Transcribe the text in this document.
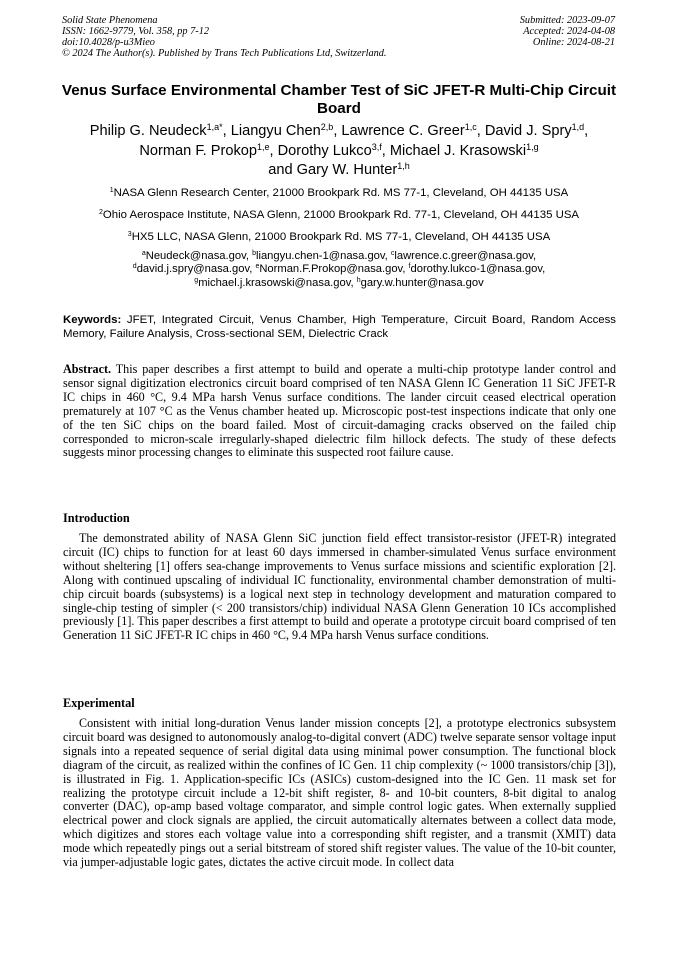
Solid State Phenomena
ISSN: 1662-9779, Vol. 358, pp 7-12
doi:10.4028/p-u3Mieo
© 2024 The Author(s). Published by Trans Tech Publications Ltd, Switzerland.
Submitted: 2023-09-07
Accepted: 2024-04-08
Online: 2024-08-21
Venus Surface Environmental Chamber Test of SiC JFET-R Multi-Chip Circuit Board
Philip G. Neudeck$^{1,a*}$, Liangyu Chen$^{2,b}$, Lawrence C. Greer$^{1,c}$, David J. Spry$^{1,d}$,
Norman F. Prokop$^{1,e}$, Dorothy Lukco$^{3,f}$, Michael J. Krasowski$^{1,g}$
and Gary W. Hunter$^{1,h}$
$^1$NASA Glenn Research Center, 21000 Brookpark Rd. MS 77-1, Cleveland, OH 44135 USA
$^2$Ohio Aerospace Institute, NASA Glenn, 21000 Brookpark Rd. 77-1, Cleveland, OH 44135 USA
$^3$HX5 LLC, NASA Glenn, 21000 Brookpark Rd. MS 77-1, Cleveland, OH 44135 USA
$^a$Neudeck@nasa.gov, $^b$liangyu.chen-1@nasa.gov, $^c$lawrence.c.greer@nasa.gov,
$^d$david.j.spry@nasa.gov, $^e$Norman.F.Prokop@nasa.gov, $^f$dorothy.lukco-1@nasa.gov,
$^g$michael.j.krasowski@nasa.gov, $^h$gary.w.hunter@nasa.gov
Keywords: JFET, Integrated Circuit, Venus Chamber, High Temperature, Circuit Board, Random Access Memory, Failure Analysis, Cross-sectional SEM, Dielectric Crack
Abstract. This paper describes a first attempt to build and operate a multi-chip prototype lander control and sensor signal digitization electronics circuit board comprised of ten NASA Glenn IC Generation 11 SiC JFET-R IC chips in 460 °C, 9.4 MPa harsh Venus surface conditions. The lander circuit ceased electrical operation prematurely at 107 °C as the Venus chamber heated up. Microscopic post-test inspections indicate that only one of the ten SiC chips on the board failed. Most of circuit-damaging cracks observed on the failed chip corresponded to micron-scale irregularly-shaped dielectric film hillock defects. The study of these defects suggests minor processing changes to eliminate this suspected root failure cause.
Introduction
The demonstrated ability of NASA Glenn SiC junction field effect transistor-resistor (JFET-R) integrated circuit (IC) chips to function for at least 60 days immersed in chamber-simulated Venus surface environment without sheltering [1] offers sea-change improvements to Venus surface missions and scientific exploration [2]. Along with continued upscaling of individual IC functionality, environmental chamber demonstration of multi-chip circuit boards (subsystems) is a logical next step in technology development and maturation compared to single-chip testing of simpler (< 200 transistors/chip) individual NASA Glenn Generation 10 ICs accomplished previously [1]. This paper describes a first attempt to build and operate a prototype circuit board comprised of ten Generation 11 SiC JFET-R IC chips in 460 °C, 9.4 MPa harsh Venus surface conditions.
Experimental
Consistent with initial long-duration Venus lander mission concepts [2], a prototype electronics subsystem circuit board was designed to autonomously analog-to-digital convert (ADC) twelve separate sensor voltage input signals into a repeated sequence of serial digital data using minimal power consumption. The functional block diagram of the circuit, as realized within the confines of IC Gen. 11 chip complexity (~ 1000 transistors/chip [3]), is illustrated in Fig. 1. Application-specific ICs (ASICs) custom-designed into the IC Gen. 11 mask set for realizing the prototype circuit include a 12-bit shift register, 8- and 10-bit counters, 8-bit digital to analog converter (DAC), op-amp based voltage comparator, and simple control logic gates. When externally supplied electrical power and clock signals are applied, the circuit automatically alternates between a collect data mode, which digitizes and stores each voltage value into a corresponding shift register, and a transmit (XMIT) data mode which repeatedly pings out a serial bitstream of stored shift register values. The value of the 10-bit counter, via jumper-adjustable logic gates, dictates the active circuit mode. In collect data
